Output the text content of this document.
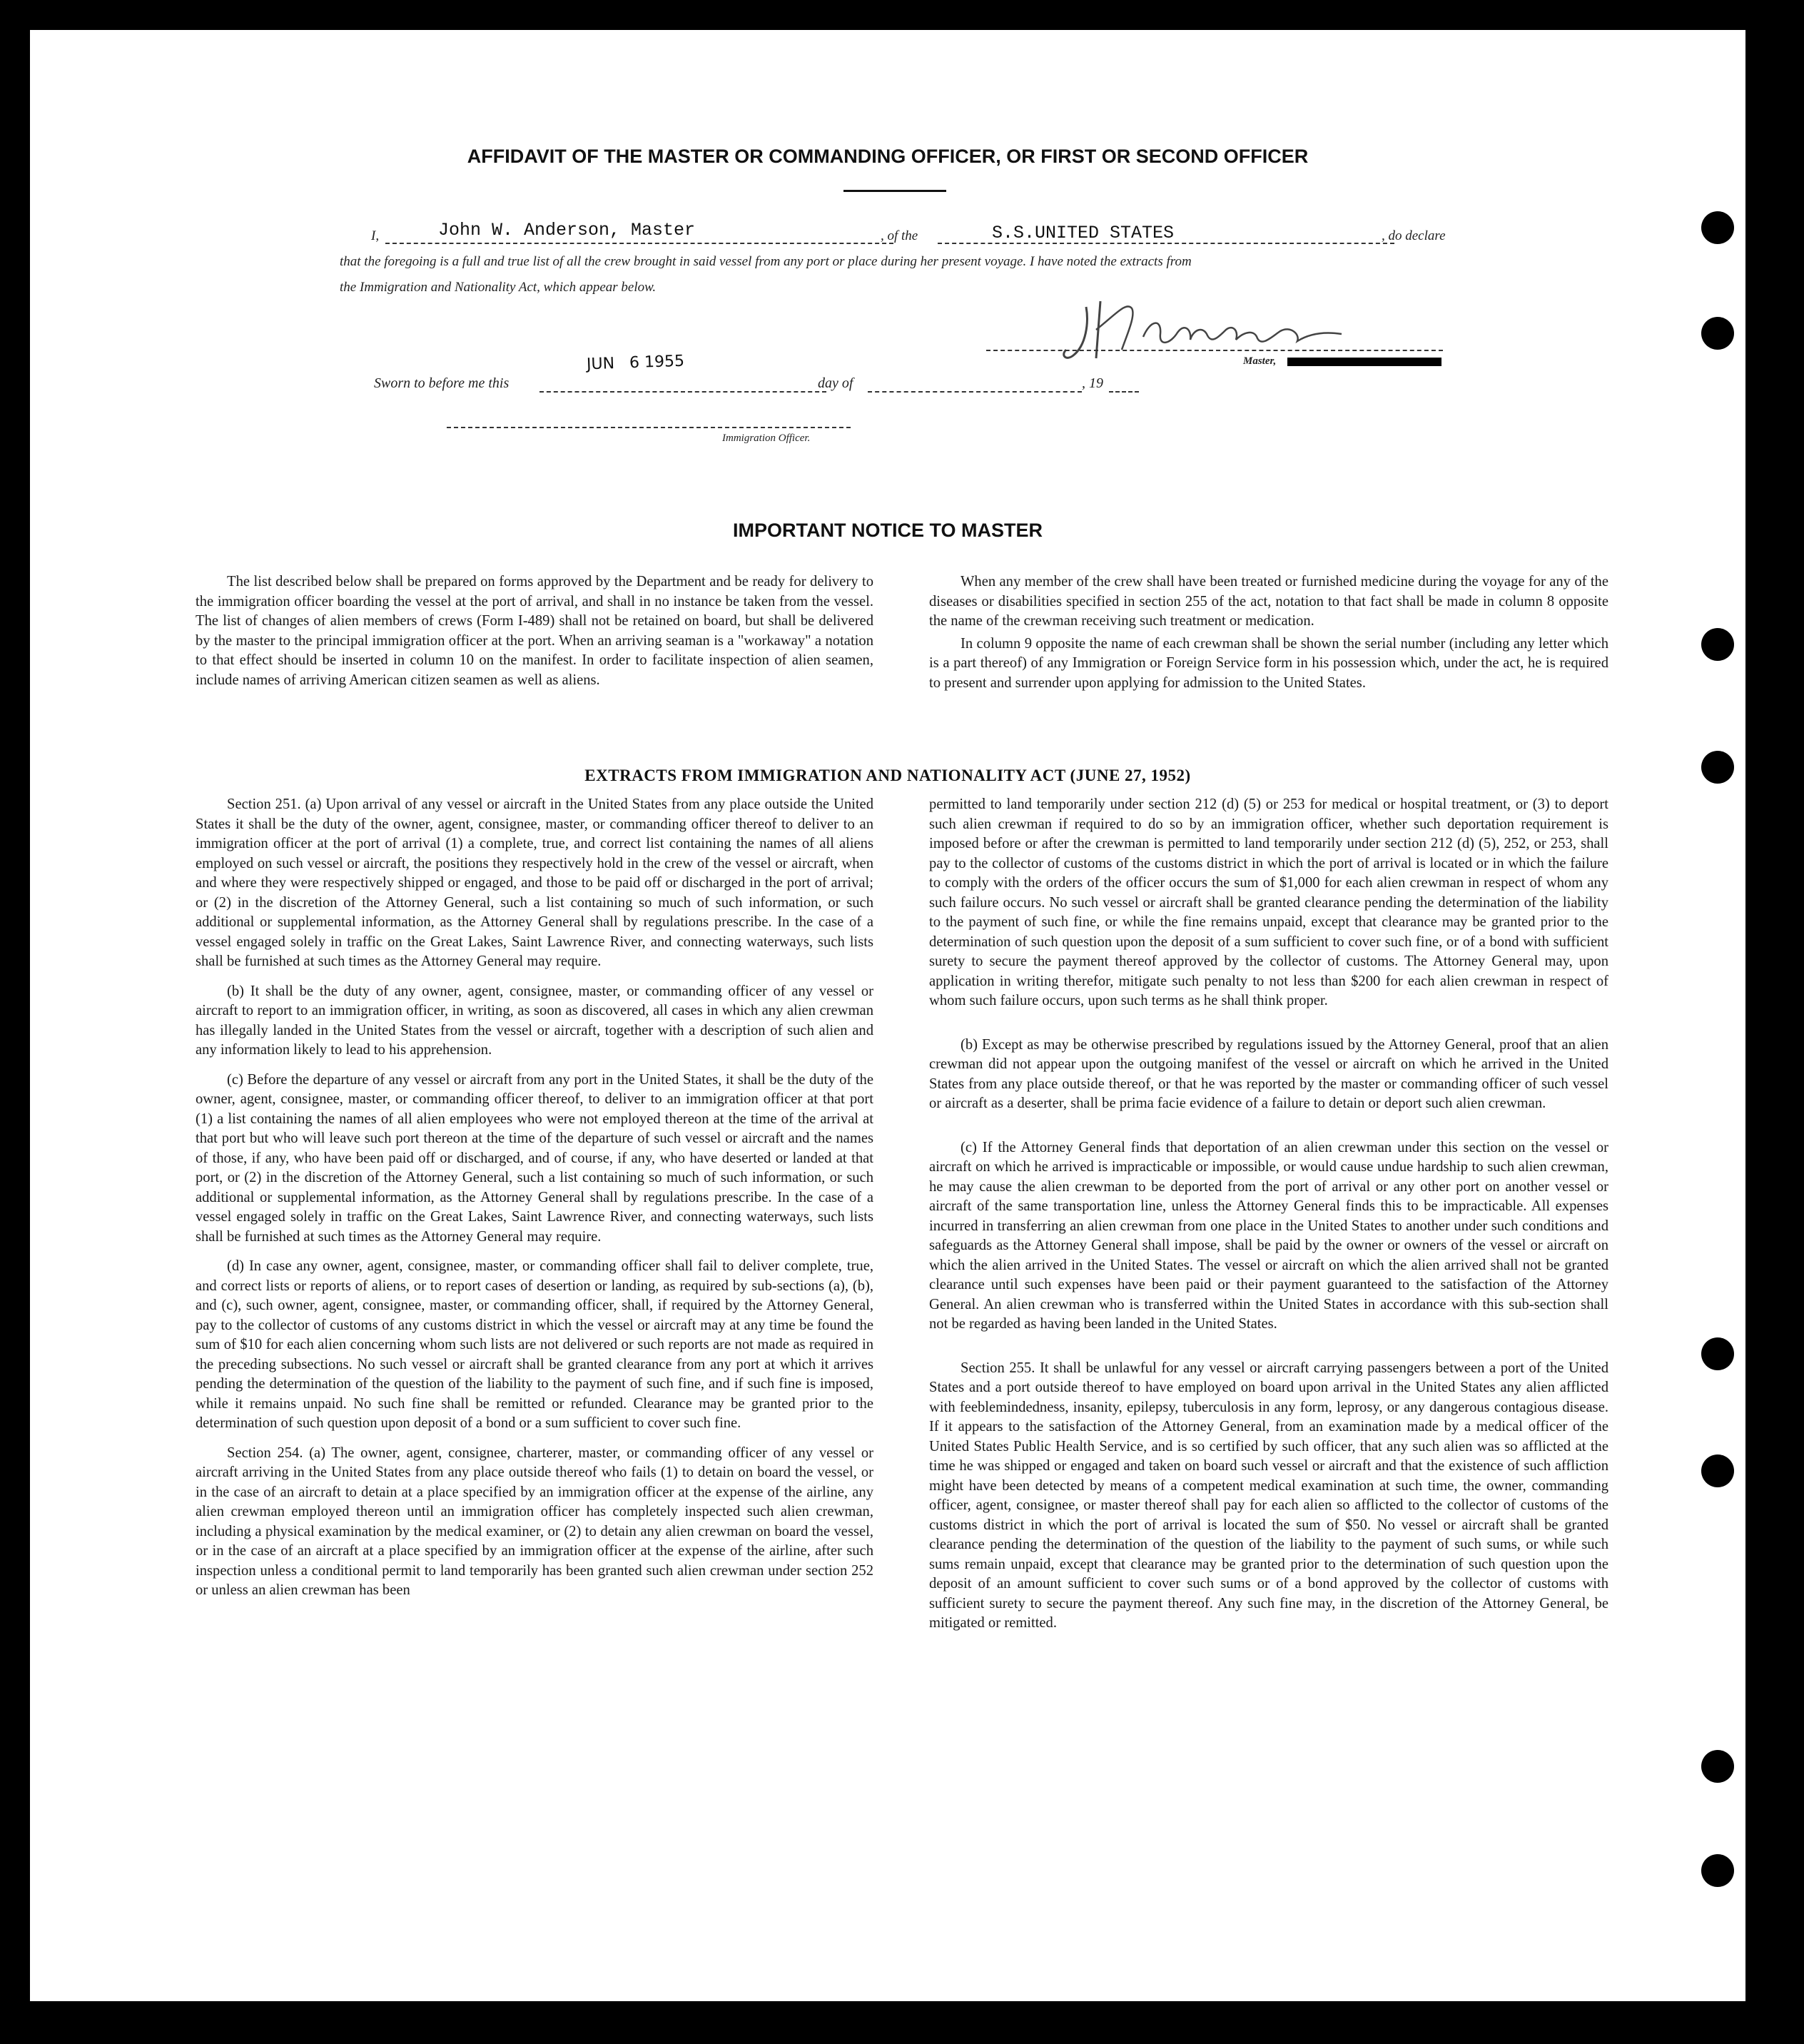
AFFIDAVIT OF THE MASTER OR COMMANDING OFFICER, OR FIRST OR SECOND OFFICER
I,	John W. Anderson, Master	, of the	S.S.UNITED STATES	, do declare
that the foregoing is a full and true list of all the crew brought in said vessel from any port or place during her present voyage. I have noted the extracts from
the Immigration and Nationality Act, which appear below.
Master,
Sworn to before me this
JUN   6 1955
day of	, 19
Immigration Officer.
IMPORTANT NOTICE TO MASTER

The list described below shall be prepared on forms approved by the Department and be ready for delivery to the immigration officer boarding the vessel at the port of arrival, and shall in no instance be taken from the vessel. The list of changes of alien members of crews (Form I-489) shall not be retained on board, but shall be delivered by the master to the principal immigration officer at the port. When an arriving seaman is a "workaway" a notation to that effect should be inserted in column 10 on the manifest. In order to facilitate inspection of alien seamen, include names of arriving American citizen seamen as well as aliens.

When any member of the crew shall have been treated or furnished medicine during the voyage for any of the diseases or disabilities specified in section 255 of the act, notation to that fact shall be made in column 8 opposite the name of the crewman receiving such treatment or medication.

In column 9 opposite the name of each crewman shall be shown the serial number (including any letter which is a part thereof) of any Immigration or Foreign Service form in his possession which, under the act, he is required to present and surrender upon applying for admission to the United States.

EXTRACTS FROM IMMIGRATION AND NATIONALITY ACT (JUNE 27, 1952)

Section 251. (a) Upon arrival of any vessel or aircraft in the United States from any place outside the United States it shall be the duty of the owner, agent, consignee, master, or commanding officer thereof to deliver to an immigration officer at the port of arrival (1) a complete, true, and correct list containing the names of all aliens employed on such vessel or aircraft, the positions they respectively hold in the crew of the vessel or aircraft, when and where they were respectively shipped or engaged, and those to be paid off or discharged in the port of arrival; or (2) in the discretion of the Attorney General, such a list containing so much of such information, or such additional or supplemental information, as the Attorney General shall by regulations prescribe. In the case of a vessel engaged solely in traffic on the Great Lakes, Saint Lawrence River, and connecting waterways, such lists shall be furnished at such times as the Attorney General may require.

(b) It shall be the duty of any owner, agent, consignee, master, or commanding officer of any vessel or aircraft to report to an immigration officer, in writing, as soon as discovered, all cases in which any alien crewman has illegally landed in the United States from the vessel or aircraft, together with a description of such alien and any information likely to lead to his apprehension.

(c) Before the departure of any vessel or aircraft from any port in the United States, it shall be the duty of the owner, agent, consignee, master, or commanding officer thereof, to deliver to an immigration officer at that port (1) a list containing the names of all alien employees who were not employed thereon at the time of the arrival at that port but who will leave such port thereon at the time of the departure of such vessel or aircraft and the names of those, if any, who have been paid off or discharged, and of course, if any, who have deserted or landed at that port, or (2) in the discretion of the Attorney General, such a list containing so much of such information, or such additional or supplemental information, as the Attorney General shall by regulations prescribe. In the case of a vessel engaged solely in traffic on the Great Lakes, Saint Lawrence River, and connecting waterways, such lists shall be furnished at such times as the Attorney General may require.

(d) In case any owner, agent, consignee, master, or commanding officer shall fail to deliver complete, true, and correct lists or reports of aliens, or to report cases of desertion or landing, as required by sub-sections (a), (b), and (c), such owner, agent, consignee, master, or commanding officer, shall, if required by the Attorney General, pay to the collector of customs of any customs district in which the vessel or aircraft may at any time be found the sum of $10 for each alien concerning whom such lists are not delivered or such reports are not made as required in the preceding subsections. No such vessel or aircraft shall be granted clearance from any port at which it arrives pending the determination of the question of the liability to the payment of such fine, and if such fine is imposed, while it remains unpaid. No such fine shall be remitted or refunded. Clearance may be granted prior to the determination of such question upon deposit of a bond or a sum sufficient to cover such fine.

Section 254. (a) The owner, agent, consignee, charterer, master, or commanding officer of any vessel or aircraft arriving in the United States from any place outside thereof who fails (1) to detain on board the vessel, or in the case of an aircraft to detain at a place specified by an immigration officer at the expense of the airline, any alien crewman employed thereon until an immigration officer has completely inspected such alien crewman, including a physical examination by the medical examiner, or (2) to detain any alien crewman on board the vessel, or in the case of an aircraft at a place specified by an immigration officer at the expense of the airline, after such inspection unless a conditional permit to land temporarily has been granted such alien crewman under section 252 or unless an alien crewman has been

permitted to land temporarily under section 212 (d) (5) or 253 for medical or hospital treatment, or (3) to deport such alien crewman if required to do so by an immigration officer, whether such deportation requirement is imposed before or after the crewman is permitted to land temporarily under section 212 (d) (5), 252, or 253, shall pay to the collector of customs of the customs district in which the port of arrival is located or in which the failure to comply with the orders of the officer occurs the sum of $1,000 for each alien crewman in respect of whom any such failure occurs. No such vessel or aircraft shall be granted clearance pending the determination of the liability to the payment of such fine, or while the fine remains unpaid, except that clearance may be granted prior to the determination of such question upon the deposit of a sum sufficient to cover such fine, or of a bond with sufficient surety to secure the payment thereof approved by the collector of customs. The Attorney General may, upon application in writing therefor, mitigate such penalty to not less than $200 for each alien crewman in respect of whom such failure occurs, upon such terms as he shall think proper.

(b) Except as may be otherwise prescribed by regulations issued by the Attorney General, proof that an alien crewman did not appear upon the outgoing manifest of the vessel or aircraft on which he arrived in the United States from any place outside thereof, or that he was reported by the master or commanding officer of such vessel or aircraft as a deserter, shall be prima facie evidence of a failure to detain or deport such alien crewman.

(c) If the Attorney General finds that deportation of an alien crewman under this section on the vessel or aircraft on which he arrived is impracticable or impossible, or would cause undue hardship to such alien crewman, he may cause the alien crewman to be deported from the port of arrival or any other port on another vessel or aircraft of the same transportation line, unless the Attorney General finds this to be impracticable. All expenses incurred in transferring an alien crewman from one place in the United States to another under such conditions and safeguards as the Attorney General shall impose, shall be paid by the owner or owners of the vessel or aircraft on which the alien arrived in the United States. The vessel or aircraft on which the alien arrived shall not be granted clearance until such expenses have been paid or their payment guaranteed to the satisfaction of the Attorney General. An alien crewman who is transferred within the United States in accordance with this sub-section shall not be regarded as having been landed in the United States.

Section 255. It shall be unlawful for any vessel or aircraft carrying passengers between a port of the United States and a port outside thereof to have employed on board upon arrival in the United States any alien afflicted with feeblemindedness, insanity, epilepsy, tuberculosis in any form, leprosy, or any dangerous contagious disease. If it appears to the satisfaction of the Attorney General, from an examination made by a medical officer of the United States Public Health Service, and is so certified by such officer, that any such alien was so afflicted at the time he was shipped or engaged and taken on board such vessel or aircraft and that the existence of such affliction might have been detected by means of a competent medical examination at such time, the owner, commanding officer, agent, consignee, or master thereof shall pay for each alien so afflicted to the collector of customs of the customs district in which the port of arrival is located the sum of $50. No vessel or aircraft shall be granted clearance pending the determination of the question of the liability to the payment of such sums, or while such sums remain unpaid, except that clearance may be granted prior to the determination of such question upon the deposit of an amount sufficient to cover such sums or of a bond approved by the collector of customs with sufficient surety to secure the payment thereof. Any such fine may, in the discretion of the Attorney General, be mitigated or remitted.
